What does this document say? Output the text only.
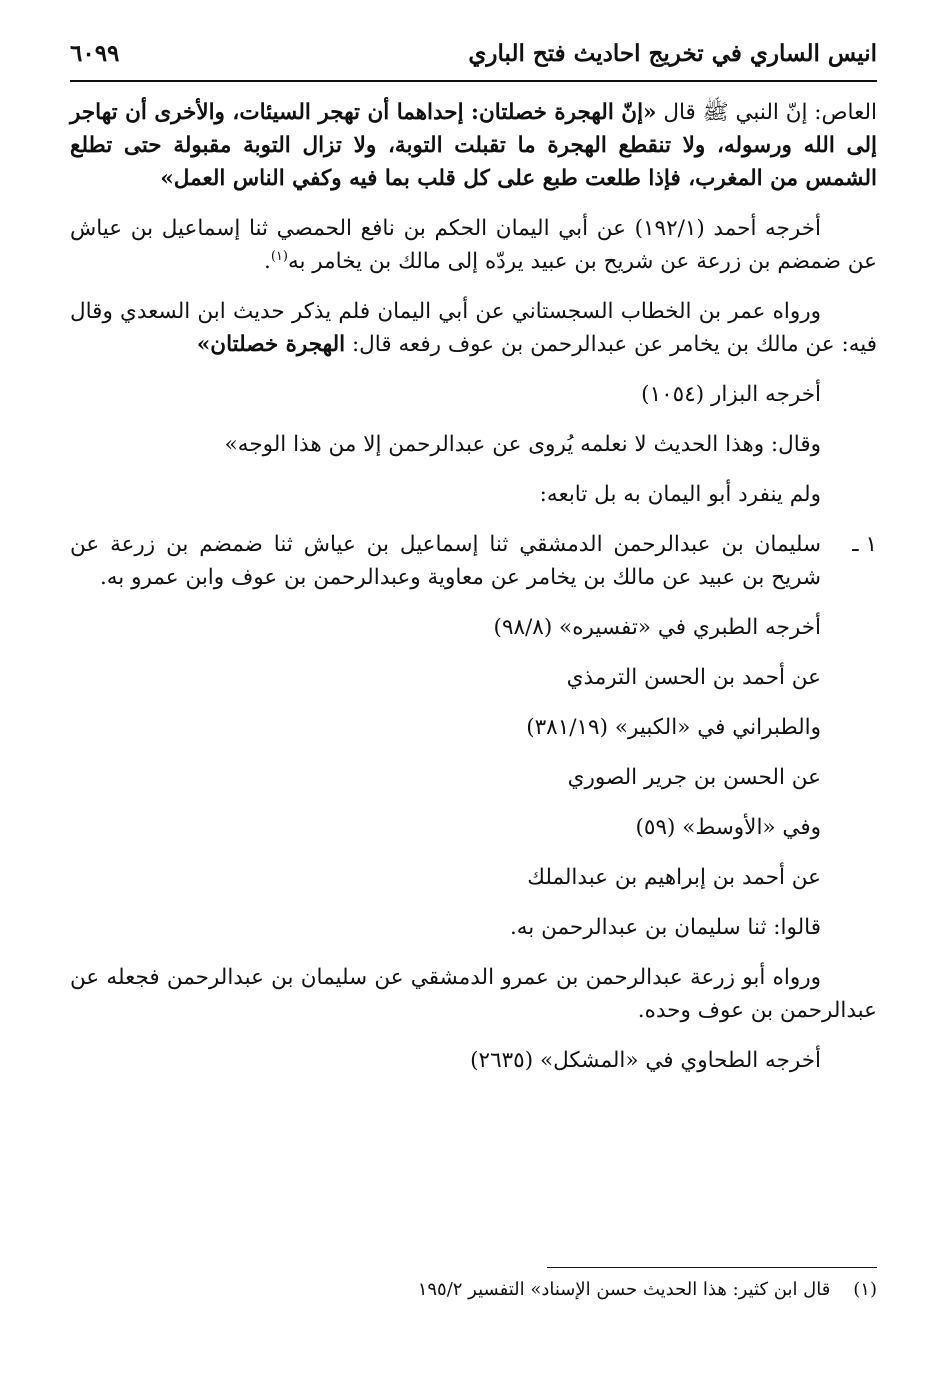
انيس الساري في تخريج احاديث فتح الباري
٦٠٩٩

العاص: إنّ النبي ﷺ قال «إنّ الهجرة خصلتان: إحداهما أن تهجر السيئات، والأخرى أن تهاجر إلى الله ورسوله، ولا تنقطع الهجرة ما تقبلت التوبة، ولا تزال التوبة مقبولة حتى تطلع الشمس من المغرب، فإذا طلعت طبع على كل قلب بما فيه وكفي الناس العمل»

أخرجه أحمد (١٩٢/١) عن أبي اليمان الحكم بن نافع الحمصي ثنا إسماعيل بن عياش عن ضمضم بن زرعة عن شريح بن عبيد يردّه إلى مالك بن يخامر به$^{(١)}$.

ورواه عمر بن الخطاب السجستاني عن أبي اليمان فلم يذكر حديث ابن السعدي وقال فيه: عن مالك بن يخامر عن عبدالرحمن بن عوف رفعه قال: الهجرة خصلتان»

أخرجه البزار (١٠٥٤)

وقال: وهذا الحديث لا نعلمه يُروى عن عبدالرحمن إلا من هذا الوجه»

ولم ينفرد أبو اليمان به بل تابعه:

١ ـ
سليمان بن عبدالرحمن الدمشقي ثنا إسماعيل بن عياش ثنا ضمضم بن زرعة عن شريح بن عبيد عن مالك بن يخامر عن معاوية وعبدالرحمن بن عوف وابن عمرو به.

أخرجه الطبري في «تفسيره» (٩٨/٨)

عن أحمد بن الحسن الترمذي

والطبراني في «الكبير» (٣٨١/١٩)

عن الحسن بن جرير الصوري

وفي «الأوسط» (٥٩)

عن أحمد بن إبراهيم بن عبدالملك

قالوا: ثنا سليمان بن عبدالرحمن به.

ورواه أبو زرعة عبدالرحمن بن عمرو الدمشقي عن سليمان بن عبدالرحمن فجعله عن عبدالرحمن بن عوف وحده.

أخرجه الطحاوي في «المشكل» (٢٦٣٥)

(١)    قال ابن كثير: هذا الحديث حسن الإسناد» التفسير ١٩٥/٢
